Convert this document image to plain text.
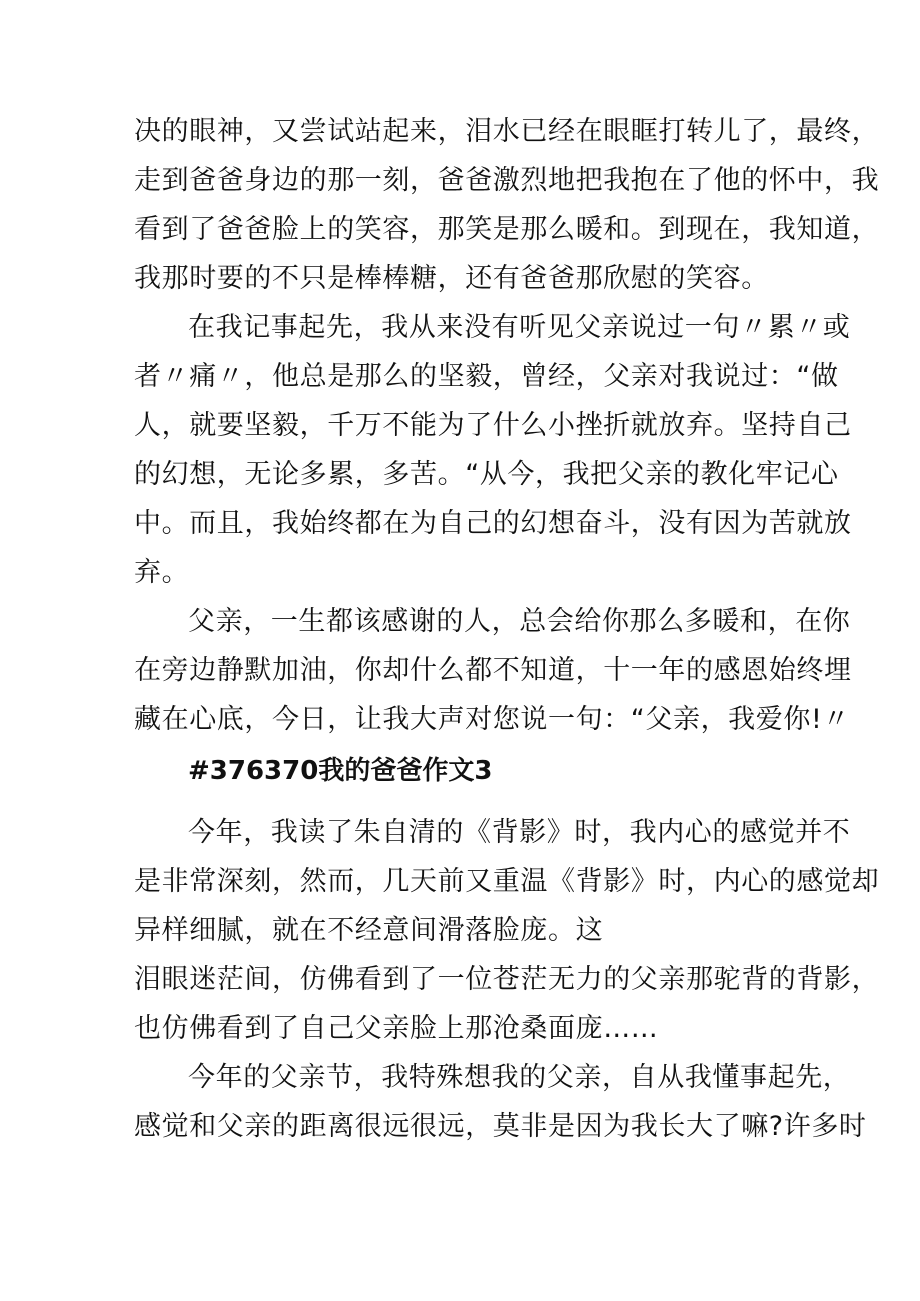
决的眼神，又尝试站起来，泪水已经在眼眶打转儿了，最终，
走到爸爸身边的那一刻，爸爸激烈地把我抱在了他的怀中，我
看到了爸爸脸上的笑容，那笑是那么暖和。到现在，我知道，
我那时要的不只是棒棒糖，还有爸爸那欣慰的笑容。
在我记事起先，我从来没有听见父亲说过一句〃累〃或
者〃痛〃，他总是那么的坚毅，曾经，父亲对我说过：“做
人，就要坚毅，千万不能为了什么小挫折就放弃。坚持自己
的幻想，无论多累，多苦。“从今，我把父亲的教化牢记心
中。而且，我始终都在为自己的幻想奋斗，没有因为苦就放
弃。
父亲，一生都该感谢的人，总会给你那么多暖和，在你
在旁边静默加油，你却什么都不知道，十一年的感恩始终埋
藏在心底，今日，让我大声对您说一句：“父亲，我爱你!〃
#376370我的爸爸作文3
今年，我读了朱自清的《背影》时，我内心的感觉并不
是非常深刻，然而，几天前又重温《背影》时，内心的感觉却
异样细腻，就在不经意间滑落脸庞。这
泪眼迷茫间，仿佛看到了一位苍茫无力的父亲那驼背的背影，
也仿佛看到了自己父亲脸上那沧桑面庞……
今年的父亲节，我特殊想我的父亲，自从我懂事起先，
感觉和父亲的距离很远很远，莫非是因为我长大了嘛?许多时
